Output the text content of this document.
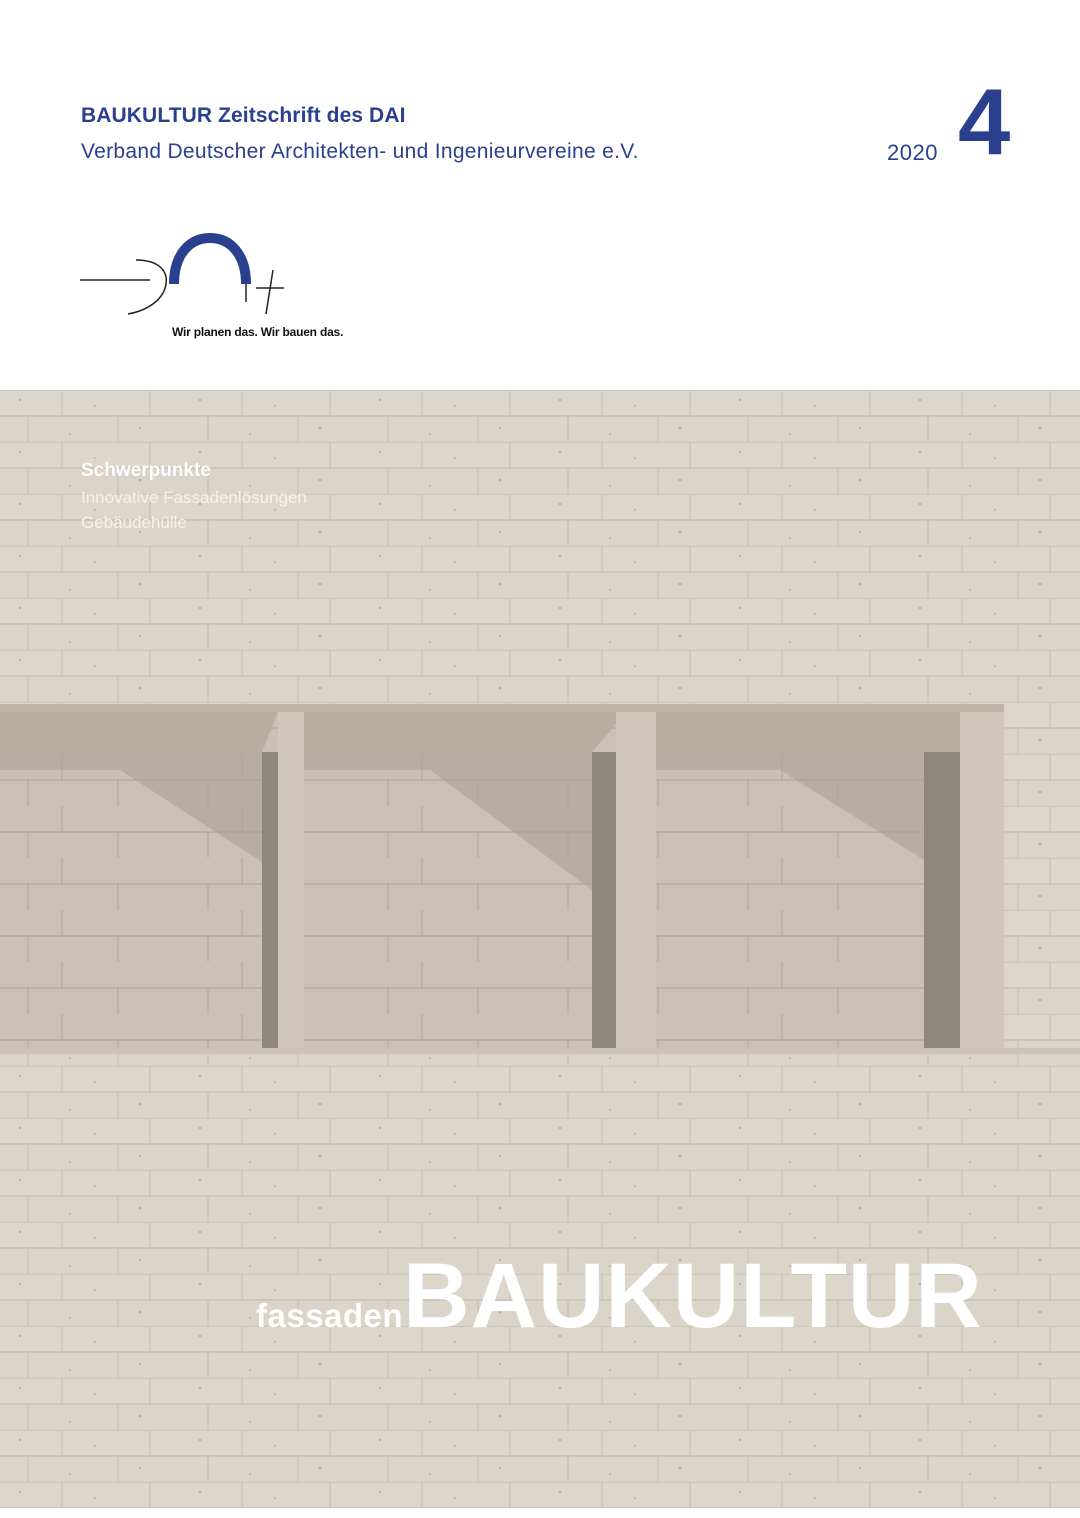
BAUKULTUR Zeitschrift des DAI
Verband Deutscher Architekten- und Ingenieurvereine e.V.	2020 4
Wir planen das. Wir bauen das.
Schwerpunkte
Innovative Fassadenlösungen
Gebäudehülle
fassadenBAUKULTUR
